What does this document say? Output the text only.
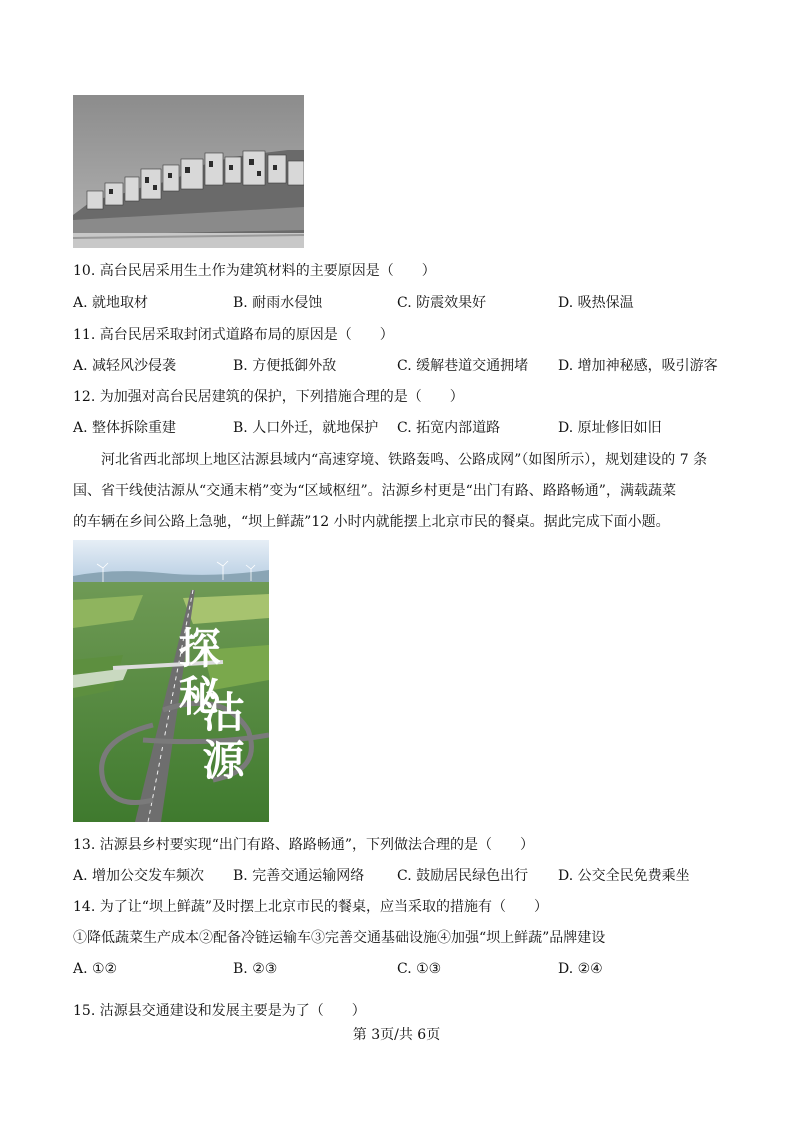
10. 高台民居采用生土作为建筑材料的主要原因是（　　）
A. 就地取材	B. 耐雨水侵蚀	C. 防震效果好	D. 吸热保温
11. 高台民居采取封闭式道路布局的原因是（　　）
A. 减轻风沙侵袭	B. 方便抵御外敌	C. 缓解巷道交通拥堵 D. 增加神秘感，吸引游客
12. 为加强对高台民居建筑的保护，下列措施合理的是（　　）
A. 整体拆除重建	B. 人口外迁，就地保护 C. 拓宽内部道路	D. 原址修旧如旧
河北省西北部坝上地区沽源县域内“高速穿境、铁路轰鸣、公路成网”（如图所示），规划建设的 7 条
国、省干线使沽源从“交通末梢”变为“区域枢纽”。沽源乡村更是“出门有路、路路畅通”，满载蔬菜
的车辆在乡间公路上急驰，“坝上鲜蔬”12 小时内就能摆上北京市民的餐桌。据此完成下面小题。
探秘
沽源
13. 沽源县乡村要实现“出门有路、路路畅通”，下列做法合理的是（　　）
A. 增加公交发车频次 B. 完善交通运输网络 C. 鼓励居民绿色出行 D. 公交全民免费乘坐
14. 为了让“坝上鲜蔬”及时摆上北京市民的餐桌，应当采取的措施有（　　）
①降低蔬菜生产成本②配备冷链运输车③完善交通基础设施④加强“坝上鲜蔬”品牌建设
A. ①②	B. ②③	C. ①③	D. ②④
15. 沽源县交通建设和发展主要是为了（　　）
第 3页/共 6页
